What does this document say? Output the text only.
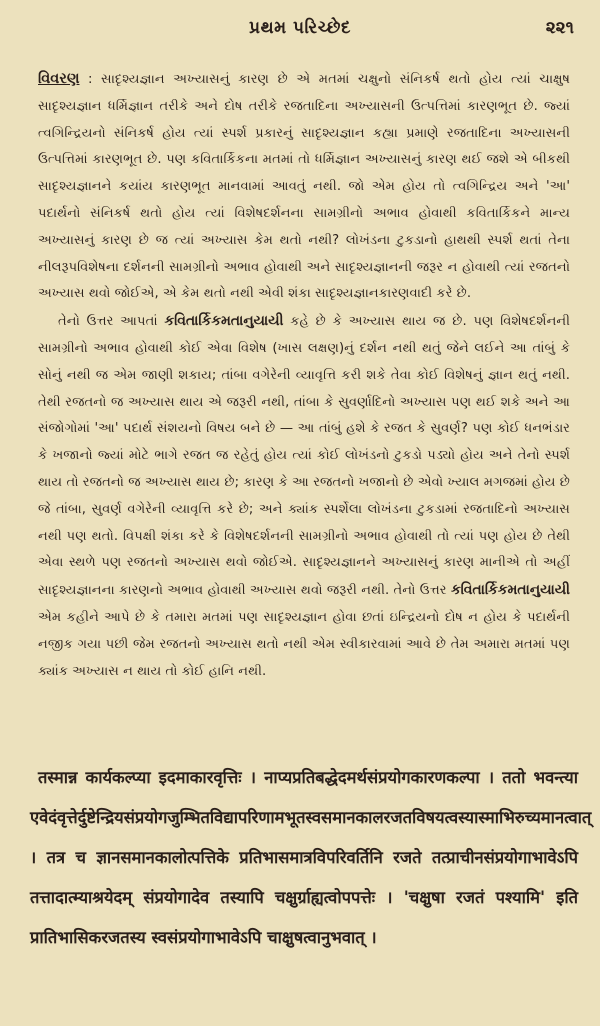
પ્રથમ પરિચ્છેદ	૨૨૧

વિવરણ : સાદૃશ્યજ્ઞાન અખ્યાસનું કારણ છે એ મતમાં ચક્ષુનો સંનિકર્ષ થતો હોય ત્યાં ચાક્ષુષ સાદૃશ્યજ્ઞાન ધર્મિજ્ઞાન તરીકે અને દોષ તરીકે રજતાદિના અખ્યાસની ઉત્પત્તિમાં કારણભૂત છે. જ્યાં ત્વગિન્દ્રિયનો સંનિકર્ષ હોય ત્યાં સ્પર્શ પ્રકારનું સાદૃશ્યજ્ઞાન કહ્યા પ્રમાણે રજતાદિના અખ્યાસની ઉત્પત્તિમાં કારણભૂત છે. પણ કવિતાર્કિકના મતમાં તો ધર્મિજ્ઞાન અખ્યાસનું કારણ થઈ જશે એ બીકથી સાદૃશ્યજ્ઞાનને કયાંય કારણભૂત માનવામાં આવતું નથી. જો એમ હોય તો ત્વગિન્દ્રિય અને 'આ' પદાર્થનો સંનિકર્ષ થતો હોય ત્યાં વિશેષદર્શનના સામગ્રીનો અભાવ હોવાથી કવિતાર્કિકને માન્ય અખ્યાસનું કારણ છે જ ત્યાં અખ્યાસ કેમ થતો નથી? લોખંડના ટુકડાનો હાથથી સ્પર્શ થતાં તેના નીલરૂપવિશેષના દર્શનની સામગ્રીનો અભાવ હોવાથી અને સાદૃશ્યજ્ઞાનની જરૂર ન હોવાથી ત્યાં રજતનો અખ્યાસ થવો જોઈએ, એ કેમ થતો નથી એવી શંકા સાદૃશ્યજ્ઞાનકારણવાદી કરે છે.

તેનો ઉત્તર આપતાં કવિતાર્કિકમતાનુયાયી કહે છે કે અખ્યાસ થાય જ છે. પણ વિશેષદર્શનની સામગ્રીનો અભાવ હોવાથી કોઈ એવા વિશેષ (ખાસ લક્ષણ)નું દર્શન નથી થતું જેને લઈને આ તાંબું કે સોનું નથી જ એમ જાણી શકાય; તાંબા વગેરેની વ્યાવૃત્તિ કરી શકે તેવા કોઈ વિશેષનું જ્ઞાન થતું નથી. તેથી રજતનો જ અખ્યાસ થાય એ જરૂરી નથી, તાંબા કે સુવર્ણાદિનો અખ્યાસ પણ થઈ શકે અને આ સંજોગોમાં 'આ' પદાર્થ સંશયનો વિષય બને છે — આ તાંબું હશે કે રજત કે સુવર્ણ? પણ કોઈ ધનભંડાર કે ખજાનો જ્યાં મોટે ભાગે રજત જ રહેતું હોય ત્યાં કોઈ લોખંડનો ટુકડો પડ્યો હોય અને તેનો સ્પર્શ થાય તો રજતનો જ અખ્યાસ થાય છે; કારણ કે આ રજતનો ખજાનો છે એવો ખ્યાલ મગજમાં હોય છે જે તાંબા, સુવર્ણ વગેરેની વ્યાવૃત્તિ કરે છે; અને ક્યાંક સ્પર્શેલા લોખંડના ટુકડામાં રજતાદિનો અખ્યાસ નથી પણ થતો. વિપક્ષી શંકા કરે કે વિશેષદર્શનની સામગ્રીનો અભાવ હોવાથી તો ત્યાં પણ હોય છે તેથી એવા સ્થળે પણ રજતનો અખ્યાસ થવો જોઈએ. સાદૃશ્યજ્ઞાનને અખ્યાસનું કારણ માનીએ તો અહીં સાદૃશ્યજ્ઞાનના કારણનો અભાવ હોવાથી અખ્યાસ થવો જરૂરી નથી. તેનો ઉત્તર કવિતાર્કિકમતાનુયાયી એમ કહીને આપે છે કે તમારા મતમાં પણ સાદૃશ્યજ્ઞાન હોવા છતાં ઇન્દ્રિયનો દોષ ન હોય કે પદાર્થની નજીક ગયા પછી જેમ રજતનો અખ્યાસ થતો નથી એમ સ્વીકારવામાં આવે છે તેમ અમારા મતમાં પણ ક્યાંક અખ્યાસ ન થાય તો કોઈ હાનિ નથી.

तस्मान्न कार्यकल्प्या इदमाकारवृत्तिः । नाप्यप्रतिबद्धेदमर्थसंप्रयोगकारणकल्पा । ततो भवन्त्या एवेदंवृत्तेर्दुष्टेन्द्रियसंप्रयोगजुम्भितविद्यापरिणामभूतस्वसमानकालरजतविषयत्वस्यास्माभिरुच्यमानत्वात् । तत्र च ज्ञानसमानकालोत्पत्तिके प्रतिभासमात्रविपरिवर्तिनि रजते तत्प्राचीनसंप्रयोगाभावेऽपि तत्तादात्म्याश्रयेदम् संप्रयोगादेव तस्यापि चक्षुर्ग्राह्यत्वोपपत्तेः । 'चक्षुषा रजतं पश्यामि' इति प्रातिभासिकरजतस्य स्वसंप्रयोगाभावेऽपि चाक्षुषत्वानुभवात् ।
